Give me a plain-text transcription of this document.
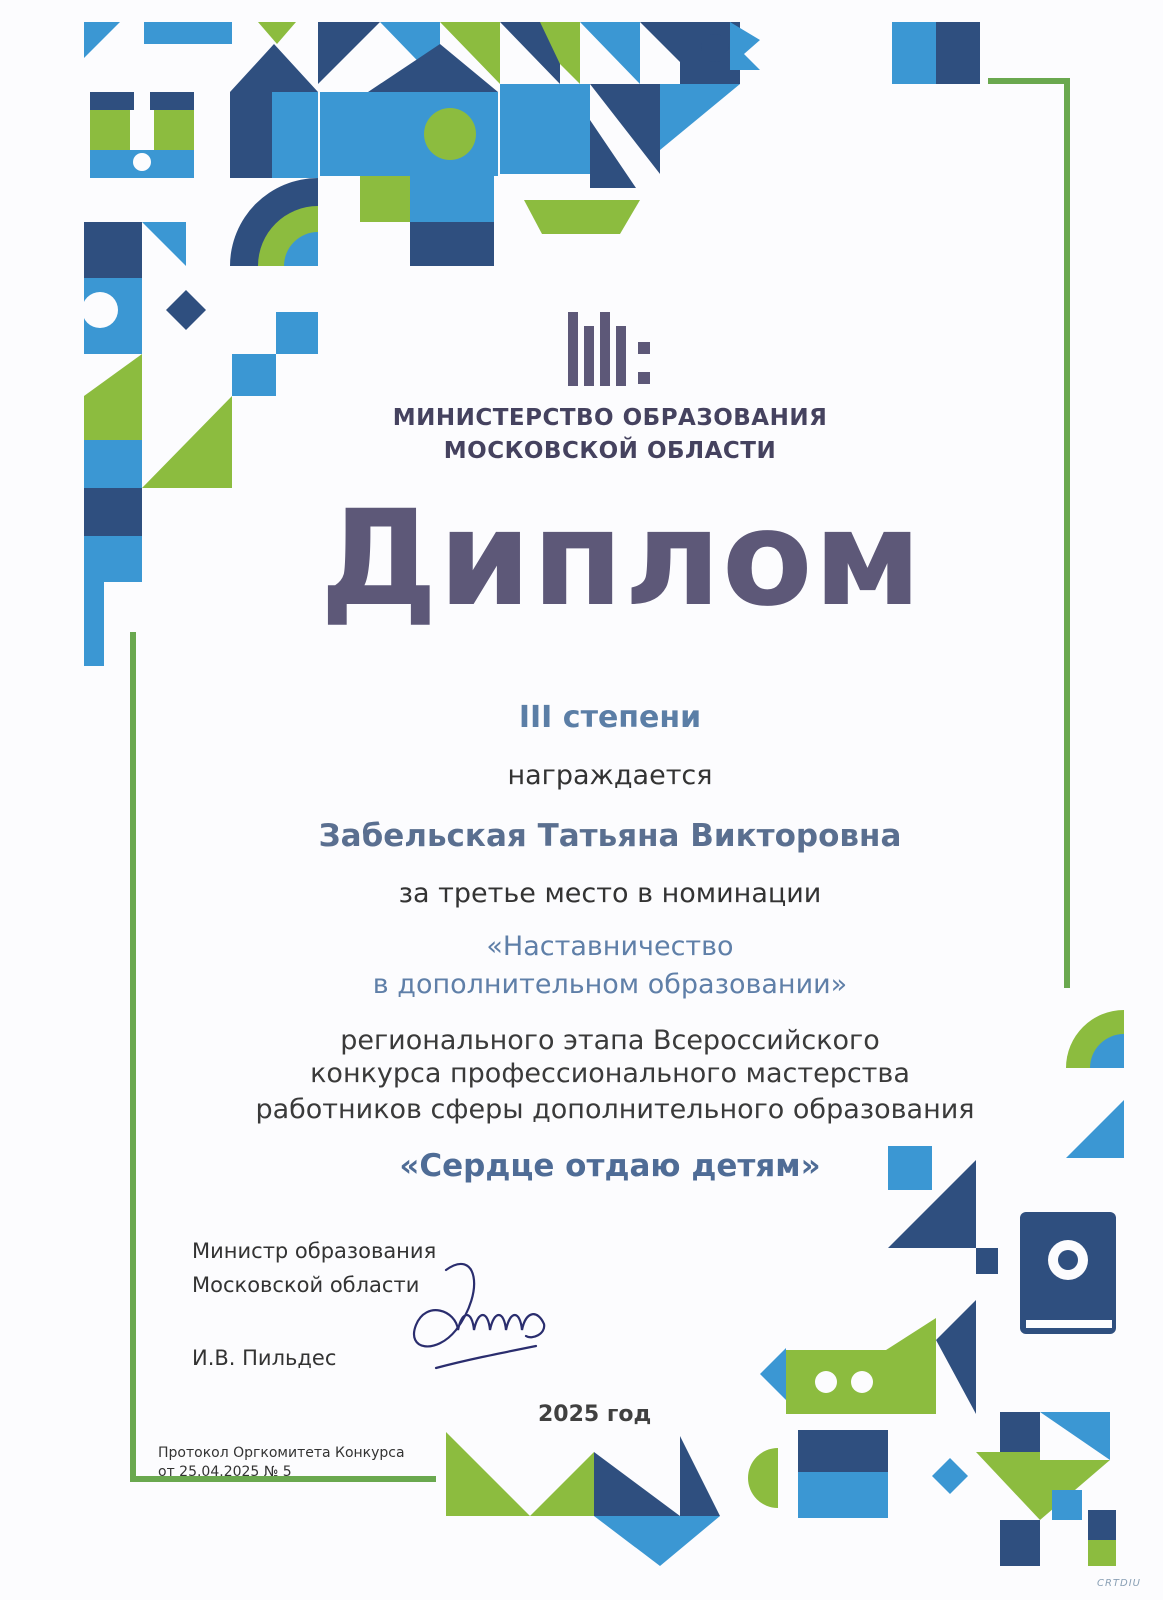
МИНИСТЕРСТВО ОБРАЗОВАНИЯ
МОСКОВСКОЙ ОБЛАСТИ
Диплом
III степени
награждается
Забельская Татьяна Викторовна
за третье место в номинации
«Наставничество
в дополнительном образовании»
регионального этапа Всероссийского
конкурса профессионального мастерства
работников сферы дополнительного образования
«Сердце отдаю детям»
Министр образования
Московской области
И.В. Пильдес
2025 год
Протокол Оргкомитета Конкурса
от 25.04.2025 № 5
CRTDIU
